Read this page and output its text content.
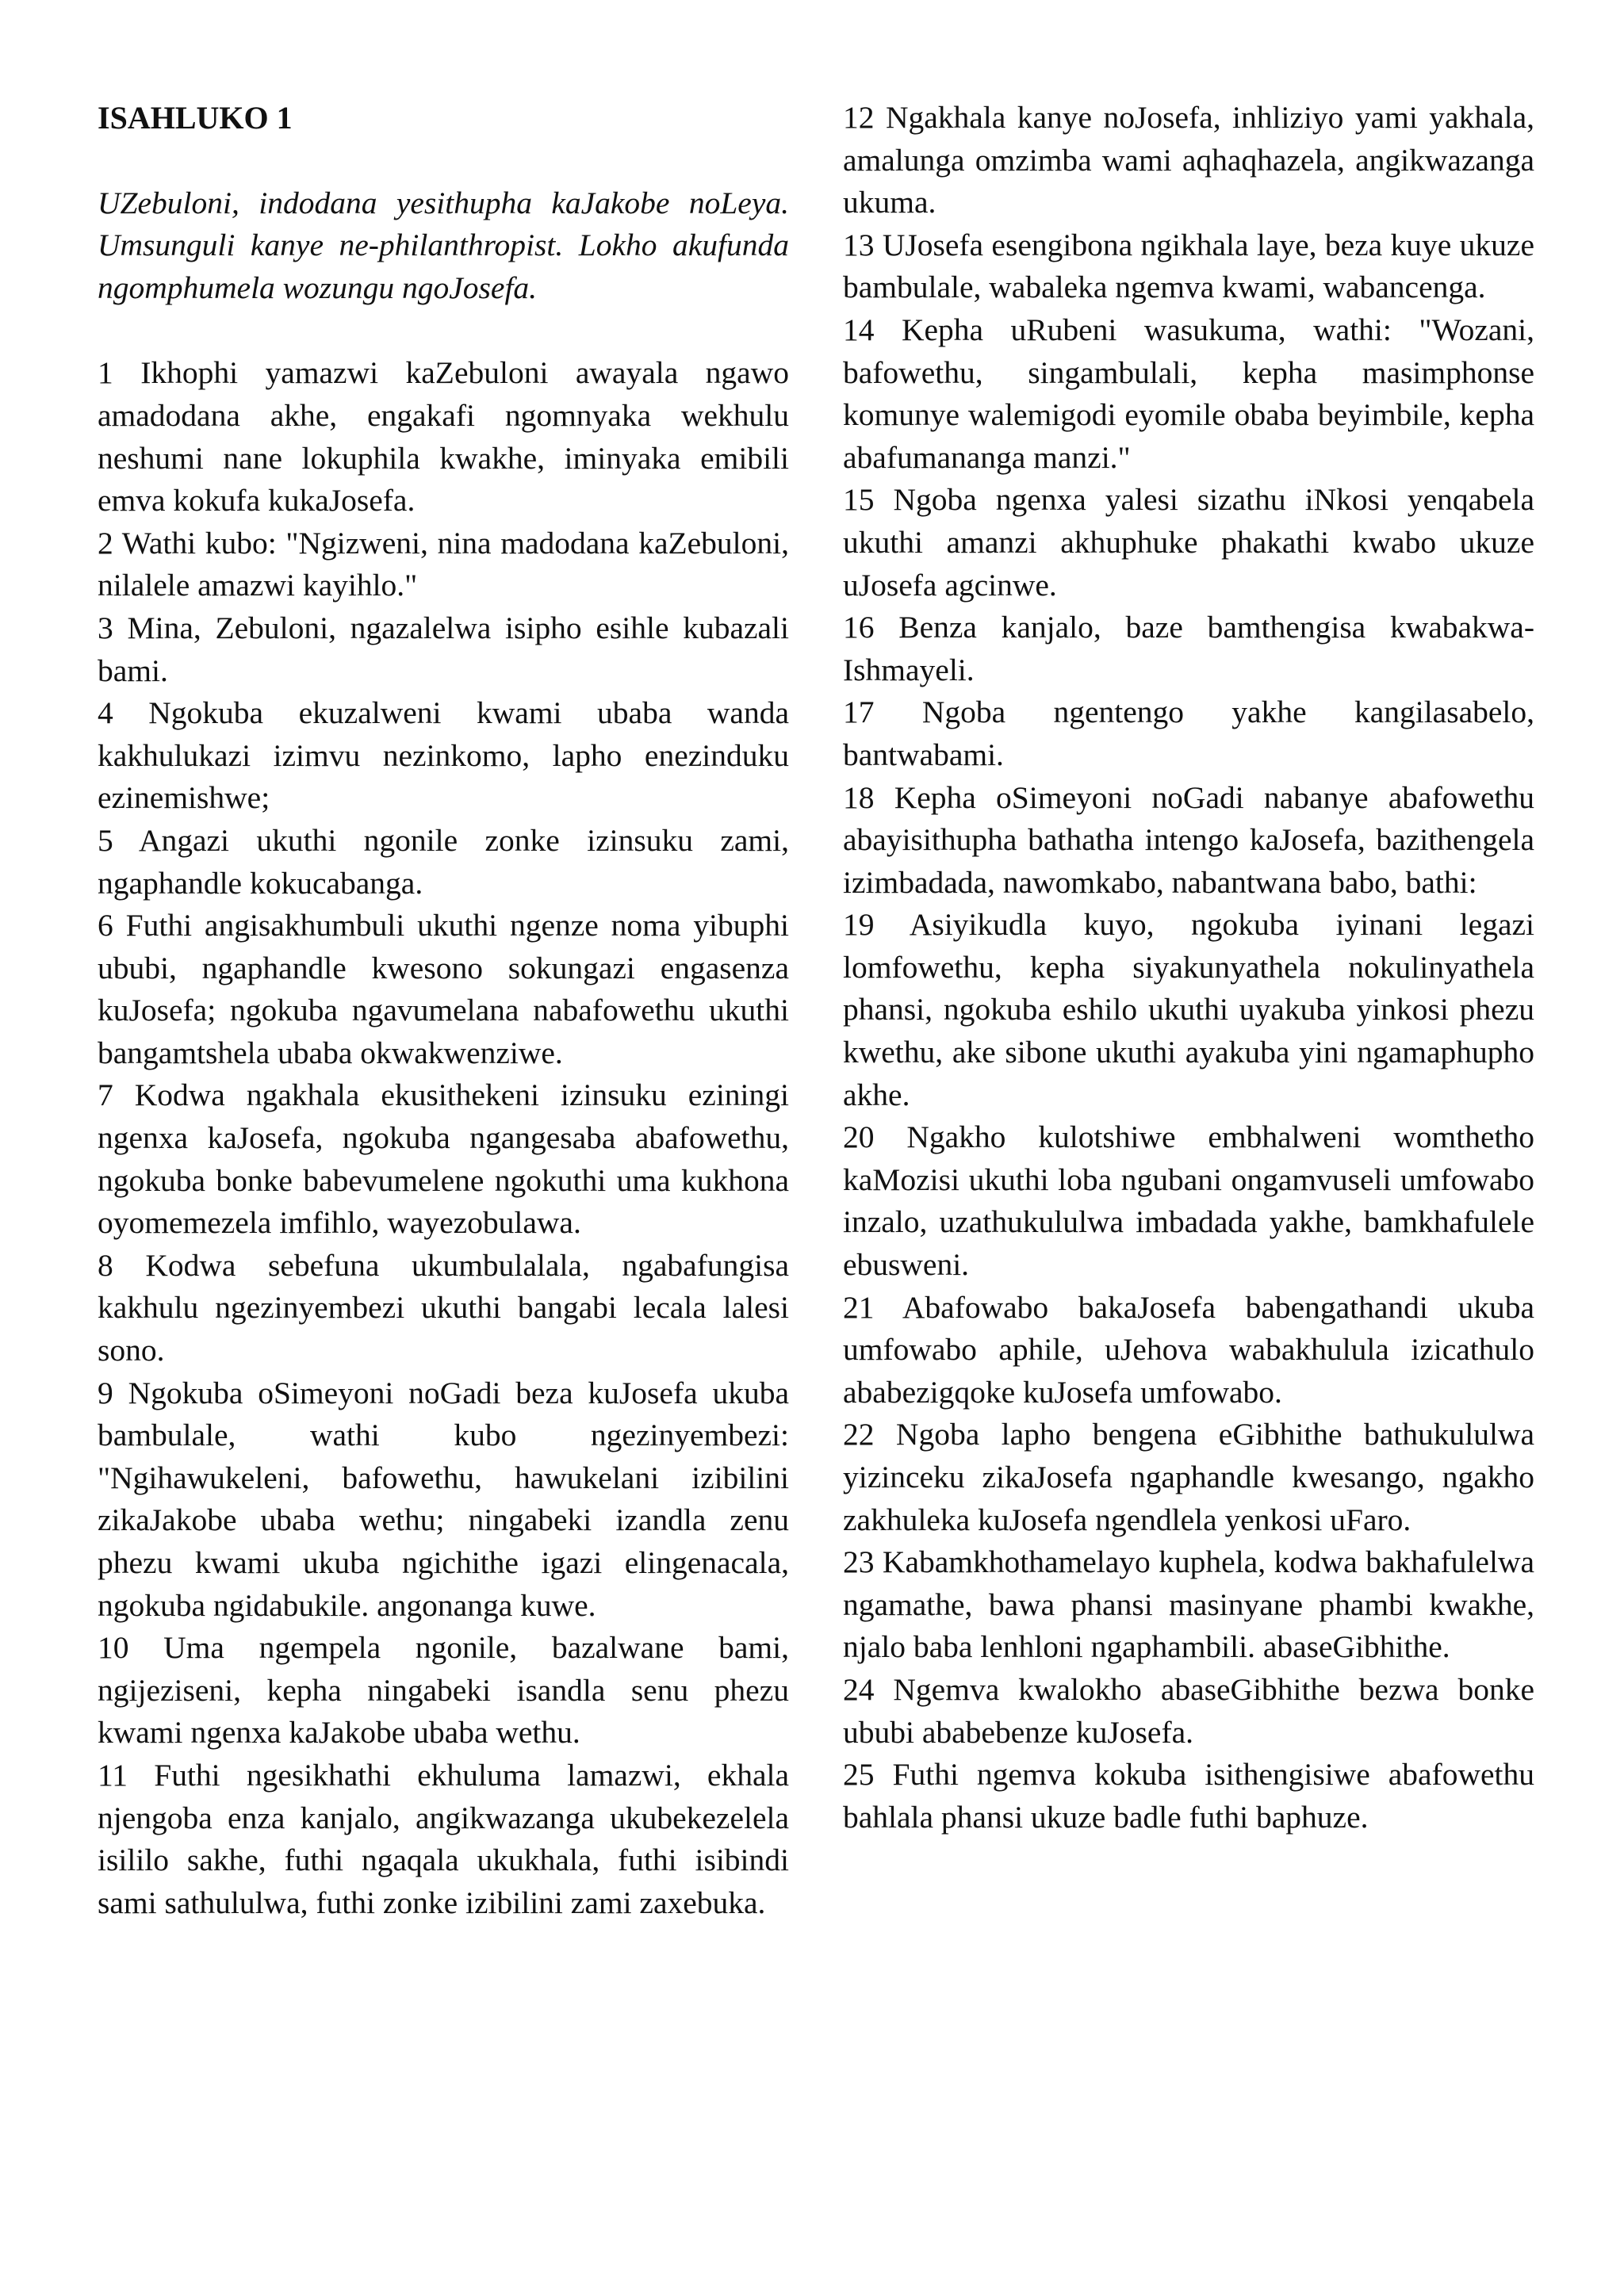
ISAHLUKO 1

UZebuloni, indodana yesithupha kaJakobe noLeya. Umsunguli kanye ne-philanthropist. Lokho akufunda ngomphumela wozungu ngoJosefa.

1 Ikhophi yamazwi kaZebuloni awayala ngawo amadodana akhe, engakafi ngomnyaka wekhulu neshumi nane lokuphila kwakhe, iminyaka emibili emva kokufa kukaJosefa.

2 Wathi kubo: "Ngizweni, nina madodana kaZebuloni, nilalele amazwi kayihlo."

3 Mina, Zebuloni, ngazalelwa isipho esihle kubazali bami.

4 Ngokuba ekuzalweni kwami ubaba wanda kakhulukazi izimvu nezinkomo, lapho enezinduku ezinemishwe;

5 Angazi ukuthi ngonile zonke izinsuku zami, ngaphandle kokucabanga.

6 Futhi angisakhumbuli ukuthi ngenze noma yibuphi ububi, ngaphandle kwesono sokungazi engasenza kuJosefa; ngokuba ngavumelana nabafowethu ukuthi bangamtshela ubaba okwakwenziwe.

7 Kodwa ngakhala ekusithekeni izinsuku eziningi ngenxa kaJosefa, ngokuba ngangesaba abafowethu, ngokuba bonke babevumelene ngokuthi uma kukhona oyomemezela imfihlo, wayezobulawa.

8 Kodwa sebefuna ukumbulalala, ngabafungisa kakhulu ngezinyembezi ukuthi bangabi lecala lalesi sono.

9 Ngokuba oSimeyoni noGadi beza kuJosefa ukuba bambulale, wathi kubo ngezinyembezi: "Ngihawukeleni, bafowethu, hawukelani izibilini zikaJakobe ubaba wethu; ningabeki izandla zenu phezu kwami ukuba ngichithe igazi elingenacala, ngokuba ngidabukile. angonanga kuwe.

10 Uma ngempela ngonile, bazalwane bami, ngijeziseni, kepha ningabeki isandla senu phezu kwami ngenxa kaJakobe ubaba wethu.

11 Futhi ngesikhathi ekhuluma lamazwi, ekhala njengoba enza kanjalo, angikwazanga ukubekezelela isililo sakhe, futhi ngaqala ukukhala, futhi isibindi sami sathululwa, futhi zonke izibilini zami zaxebuka.

12 Ngakhala kanye noJosefa, inhliziyo yami yakhala, amalunga omzimba wami aqhaqhazela, angikwazanga ukuma.

13 UJosefa esengibona ngikhala laye, beza kuye ukuze bambulale, wabaleka ngemva kwami, wabancenga.

14 Kepha uRubeni wasukuma, wathi: "Wozani, bafowethu, singambulali, kepha masimphonse komunye walemigodi eyomile obaba beyimbile, kepha abafumananga manzi."

15 Ngoba ngenxa yalesi sizathu iNkosi yenqabela ukuthi amanzi akhuphuke phakathi kwabo ukuze uJosefa agcinwe.

16 Benza kanjalo, baze bamthengisa kwabakwa-Ishmayeli.

17 Ngoba ngentengo yakhe kangilasabelo, bantwabami.

18 Kepha oSimeyoni noGadi nabanye abafowethu abayisithupha bathatha intengo kaJosefa, bazithengela izimbadada, nawomkabo, nabantwana babo, bathi:

19 Asiyikudla kuyo, ngokuba iyinani legazi lomfowethu, kepha siyakunyathela nokulinyathela phansi, ngokuba eshilo ukuthi uyakuba yinkosi phezu kwethu, ake sibone ukuthi ayakuba yini ngamaphupho akhe.

20 Ngakho kulotshiwe embhalweni womthetho kaMozisi ukuthi loba ngubani ongamvuseli umfowabo inzalo, uzathukululwa imbadada yakhe, bamkhafulele ebusweni.

21 Abafowabo bakaJosefa babengathandi ukuba umfowabo aphile, uJehova wabakhulula izicathulo ababezigqoke kuJosefa umfowabo.

22 Ngoba lapho bengena eGibhithe bathukululwa yizinceku zikaJosefa ngaphandle kwesango, ngakho zakhuleka kuJosefa ngendlela yenkosi uFaro.

23 Kabamkhothamelayo kuphela, kodwa bakhafulelwa ngamathe, bawa phansi masinyane phambi kwakhe, njalo baba lenhloni ngaphambili. abaseGibhithe.

24 Ngemva kwalokho abaseGibhithe bezwa bonke ububi ababebenze kuJosefa.

25 Futhi ngemva kokuba isithengisiwe abafowethu bahlala phansi ukuze badle futhi baphuze.
